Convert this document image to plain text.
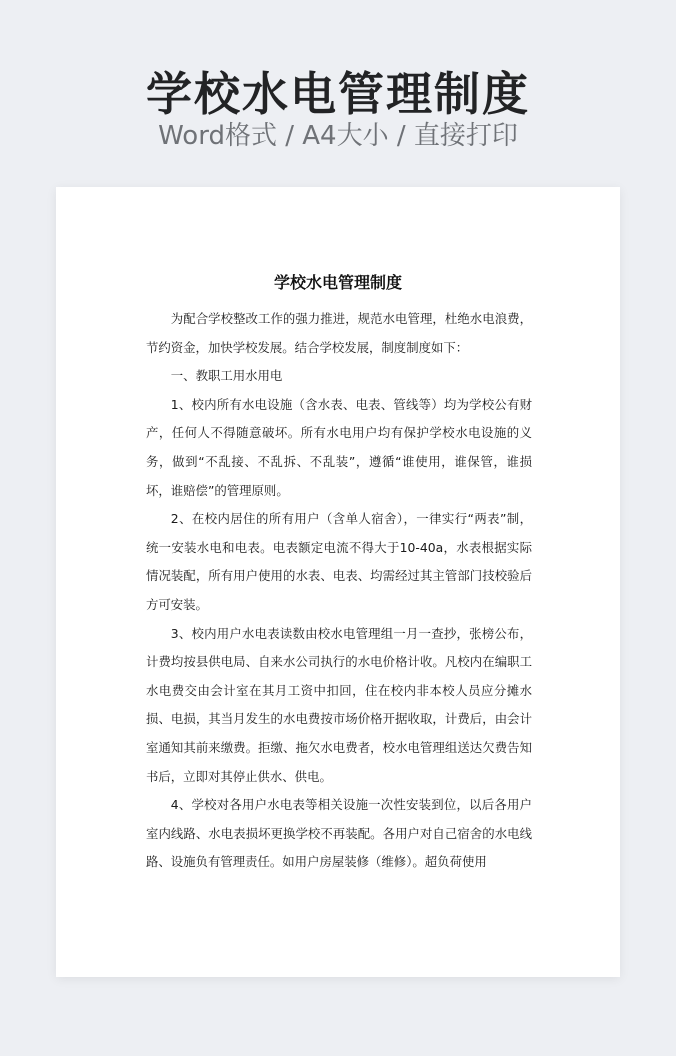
学校水电管理制度
Word格式 / A4大小 / 直接打印
学校水电管理制度

为配合学校整改工作的强力推进，规范水电管理，杜绝水电浪费，节约资金，加快学校发展。结合学校发展，制度制度如下：

一、教职工用水用电

1、校内所有水电设施（含水表、电表、管线等）均为学校公有财产，任何人不得随意破坏。所有水电用户均有保护学校水电设施的义务，做到“不乱接、不乱拆、不乱装”，遵循“谁使用，谁保管，谁损坏，谁赔偿”的管理原则。

2、在校内居住的所有用户（含单人宿舍），一律实行“两表”制，统一安装水电和电表。电表额定电流不得大于10-40a，水表根据实际情况装配，所有用户使用的水表、电表、均需经过其主管部门技校验后方可安装。

3、校内用户水电表读数由校水电管理组一月一查抄，张榜公布，计费均按县供电局、自来水公司执行的水电价格计收。凡校内在编职工水电费交由会计室在其月工资中扣回，住在校内非本校人员应分摊水损、电损，其当月发生的水电费按市场价格开据收取，计费后，由会计室通知其前来缴费。拒缴、拖欠水电费者，校水电管理组送达欠费告知书后，立即对其停止供水、供电。

4、学校对各用户水电表等相关设施一次性安装到位，以后各用户室内线路、水电表损坏更换学校不再装配。各用户对自己宿舍的水电线路、设施负有管理责任。如用户房屋装修（维修）。超负荷使用
